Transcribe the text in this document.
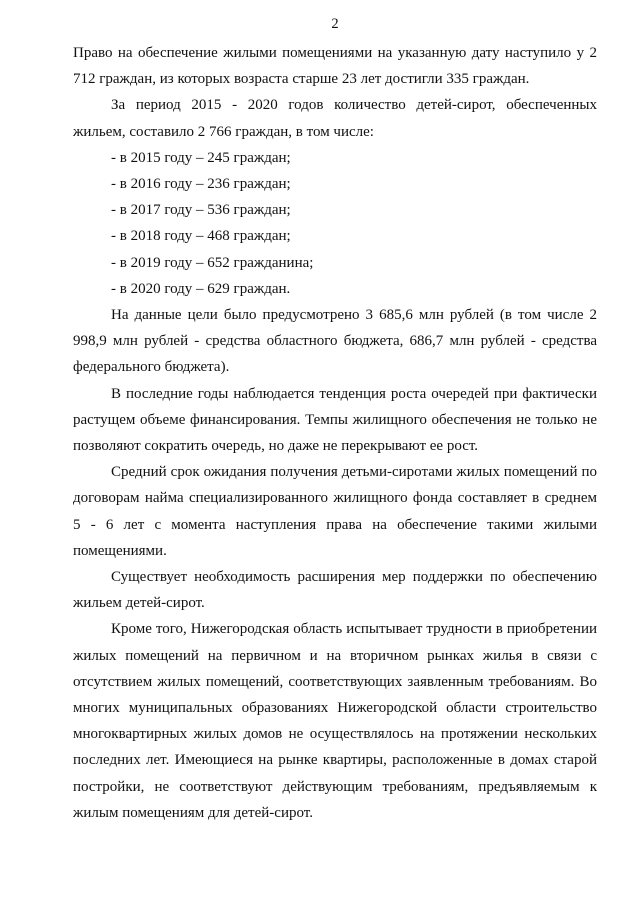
2

Право на обеспечение жилыми помещениями на указанную дату наступило у 2 712 граждан, из которых возраста старше 23 лет достигли 335 граждан.

За период 2015 - 2020 годов количество детей-сирот, обеспеченных жильем, составило 2 766 граждан, в том числе:

- в 2015 году – 245 граждан;

- в 2016 году – 236 граждан;

- в 2017 году – 536 граждан;

- в 2018 году – 468 граждан;

- в 2019 году – 652 гражданина;

- в 2020 году – 629 граждан.

На данные цели было предусмотрено 3 685,6 млн рублей (в том числе 2 998,9 млн рублей - средства областного бюджета, 686,7 млн рублей - средства федерального бюджета).

В последние годы наблюдается тенденция роста очередей при фактически растущем объеме финансирования. Темпы жилищного обеспечения не только не позволяют сократить очередь, но даже не перекрывают ее рост.

Средний срок ожидания получения детьми-сиротами жилых помещений по договорам найма специализированного жилищного фонда составляет в среднем 5 - 6 лет с момента наступления права на обеспечение такими жилыми помещениями.

Существует необходимость расширения мер поддержки по обеспечению жильем детей-сирот.

Кроме того, Нижегородская область испытывает трудности в приобретении жилых помещений на первичном и на вторичном рынках жилья в связи с отсутствием жилых помещений, соответствующих заявленным требованиям. Во многих муниципальных образованиях Нижегородской области строительство многоквартирных жилых домов не осуществлялось на протяжении нескольких последних лет. Имеющиеся на рынке квартиры, расположенные в домах старой постройки, не соответствуют действующим требованиям, предъявляемым к жилым помещениям для детей-сирот.
